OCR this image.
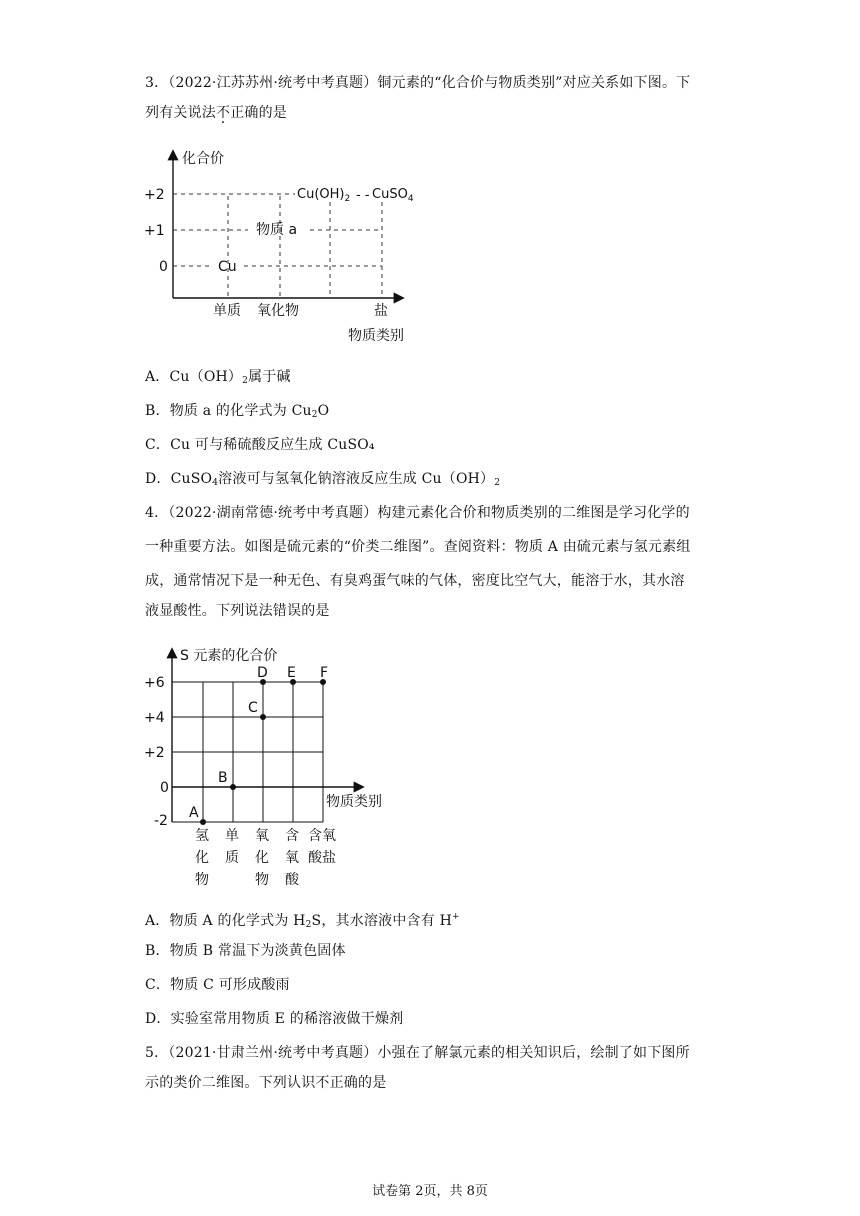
3．（2022·江苏苏州·统考中考真题）铜元素的“化合价与物质类别”对应关系如下图。下
列有关说法不正确的是
化合价
+2
+1
0	Cu
物质 a
$Cu(OH)_2$ - - CuSO$_4$
单质 氧化物	盐
物质类别
A．$Cu(OH)_2$属于碱
B．物质 a 的化学式为 $Cu_2O$
C．Cu 可与稀硫酸反应生成 CuSO₄
D．CuSO$_4$溶液可与氢氧化钠溶液反应生成 $Cu(OH)_2$
4．（2022·湖南常德·统考中考真题）构建元素化合价和物质类别的二维图是学习化学的
一种重要方法。如图是硫元素的“价类二维图”。查阅资料：物质 A 由硫元素与氢元素组
成，通常情况下是一种无色、有臭鸡蛋气味的气体，密度比空气大，能溶于水，其水溶
液显酸性。下列说法错误的是
S 元素的化合价
+6
+4
+2
0
-2 A
B
C
D E F
物质类别
氢
化
物
单
质
氧
化
物
含
氧
酸
含氧
酸盐
A．物质 A 的化学式为 $H_2S$，其水溶液中含有 H+
B．物质 B 常温下为淡黄色固体
C．物质 C 可形成酸雨
D．实验室常用物质 E 的稀溶液做干燥剂
5．（2021·甘肃兰州·统考中考真题）小强在了解氯元素的相关知识后，绘制了如下图所
示的类价二维图。下列认识不正确的是
试卷第 2页，共 8页
